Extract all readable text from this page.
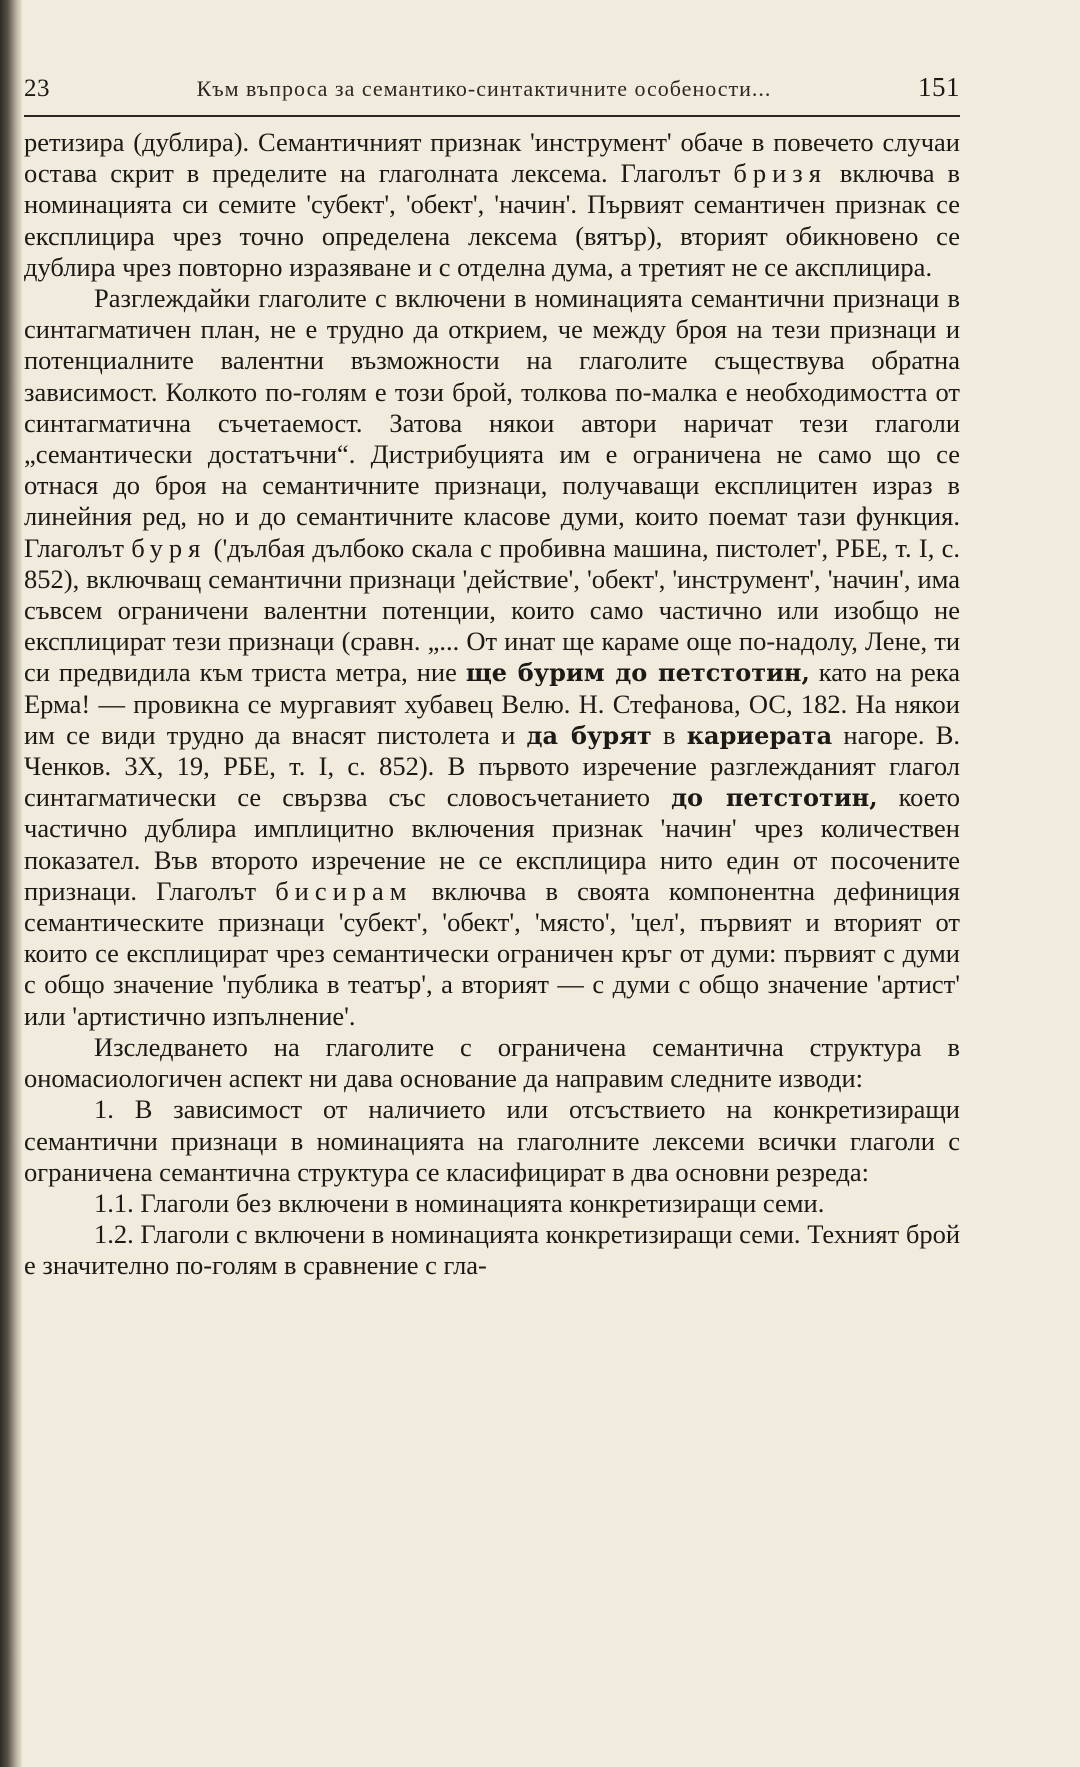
23	Към въпроса за семантико-синтактичните особености...	151

ретизира (дублира). Семантичният признак 'инструмент' обаче в повечето случаи остава скрит в пределите на глаголната лексема. Глаголът бризя включва в номинацията си семите 'субект', 'обект', 'начин'. Първият семантичен признак се експлицира чрез точно определена лексема (вятър), вторият обикновено се дублира чрез повторно изразяване и с отделна дума, а третият не се аксплицира.

Разглеждайки глаголите с включени в номинацията семантични признаци в синтагматичен план, не е трудно да открием, че между броя на тези признаци и потенциалните валентни възможности на глаголите съществува обратна зависимост. Колкото по-голям е този брой, толкова по-малка е необходимостта от синтагматична съчетаемост. Затова някои автори наричат тези глаголи „семантически достатъчни“. Дистрибуцията им е ограничена не само що се отнася до броя на семантичните признаци, получаващи експлицитен израз в линейния ред, но и до семантичните класове думи, които поемат тази функция. Глаголът буря ('дълбая дълбоко скала с пробивна машина, пистолет', РБЕ, т. I, с. 852), включващ семантични признаци 'действие', 'обект', 'инструмент', 'начин', има съвсем ограничени валентни потенции, които само частично или изобщо не експлицират тези признаци (сравн. „... От инат ще караме още по-надолу, Лене, ти си предвидила към триста метра, ние ще бурим до петстотин, като на река Ерма! — провикна се мургавият хубавец Велю. Н. Стефанова, ОС, 182. На някои им се види трудно да внасят пистолета и да бурят в кариерата нагоре. В. Ченков. 3Х, 19, РБЕ, т. I, с. 852). В първото изречение разглежданият глагол синтагматически се свързва със словосъчетанието до петстотин, което частично дублира имплицитно включения признак 'начин' чрез количествен показател. Във второто изречение не се експлицира нито един от посочените признаци. Глаголът бисирам включва в своята компонентна дефиниция семантическите признаци 'субект', 'обект', 'място', 'цел', първият и вторият от които се експлицират чрез семантически ограничен кръг от думи: първият с думи с общо значение 'публика в театър', а вторият — с думи с общо значение 'артист' или 'артистично изпълнение'.

Изследването на глаголите с ограничена семантична структура в ономасиологичен аспект ни дава основание да направим следните изводи:

1. В зависимост от наличието или отсъствието на конкретизиращи семантични признаци в номинацията на глаголните лексеми всички глаголи с ограничена семантична структура се класифицират в два основни резреда:

1.1. Глаголи без включени в номинацията конкретизиращи семи.

1.2. Глаголи с включени в номинацията конкретизиращи семи. Техният брой е значително по-голям в сравнение с гла-
